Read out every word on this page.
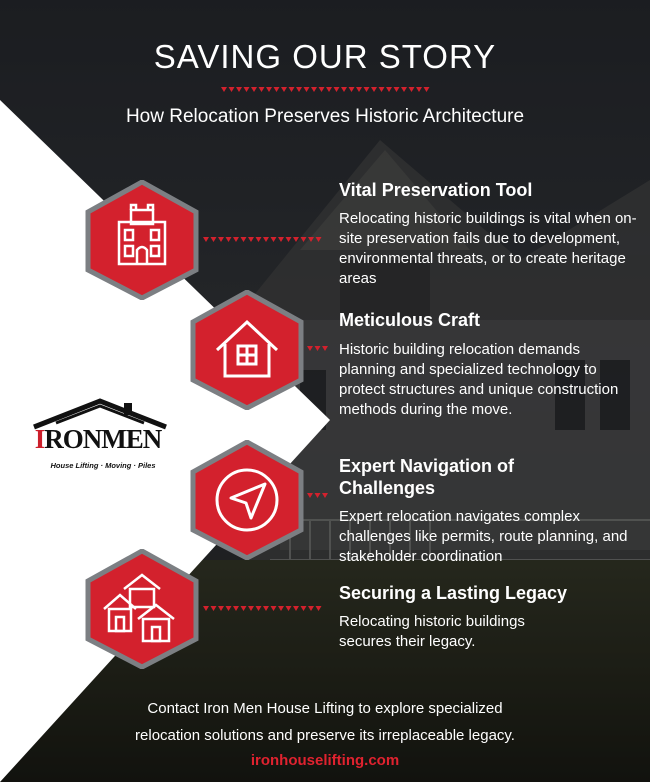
SAVING OUR STORY
How Relocation Preserves Historic Architecture
Vital Preservation Tool
Relocating historic buildings is vital when on-site preservation fails due to development, environmental threats, or to create heritage areas
Meticulous Craft
Historic building relocation demands planning and specialized technology to protect structures and unique construction methods during the move.
Expert Navigation of Challenges
Expert relocation navigates complex challenges like permits, route planning, and stakeholder coordination
Securing a Lasting Legacy
Relocating historic buildings secures their legacy.
IRONMEN
House Lifting · Moving · Piles
Contact Iron Men House Lifting to explore specialized
relocation solutions and preserve its irreplaceable legacy.
ironhouselifting.com
